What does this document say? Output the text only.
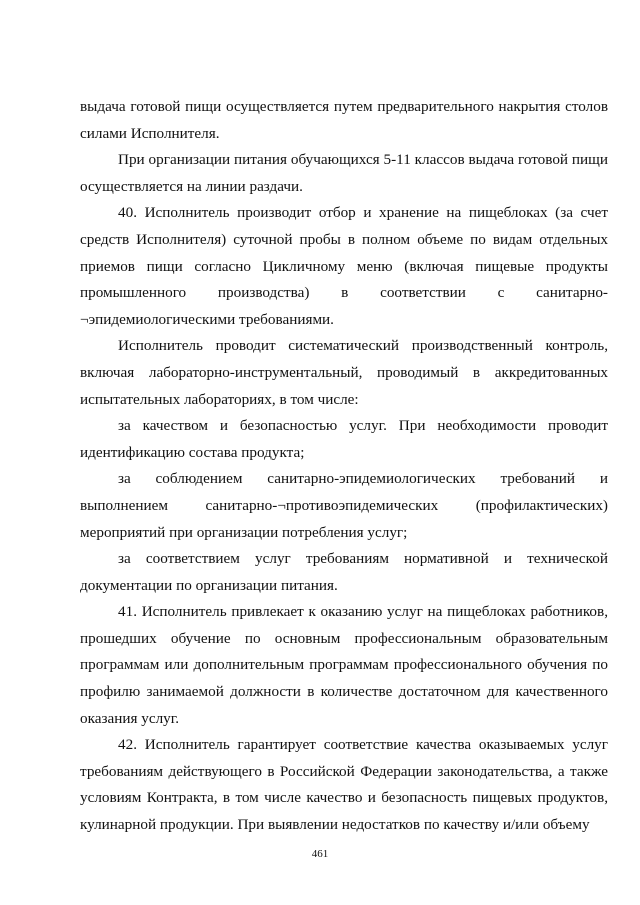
выдача готовой пищи осуществляется путем предварительного накрытия столов силами Исполнителя.

При организации питания обучающихся 5-11 классов выдача готовой пищи осуществляется на линии раздачи.

40. Исполнитель производит отбор и хранение на пищеблоках (за счет средств Исполнителя) суточной пробы в полном объеме по видам отдельных приемов пищи согласно Цикличному меню (включая пищевые продукты промышленного производства) в соответствии с санитарно-¬эпидемиологическими требованиями.

Исполнитель проводит систематический производственный контроль, включая лабораторно-инструментальный, проводимый в аккредитованных испытательных лабораториях, в том числе:

за качеством и безопасностью услуг. При необходимости проводит идентификацию состава продукта;

за соблюдением санитарно-эпидемиологических требований и выполнением санитарно-¬противоэпидемических (профилактических) мероприятий при организации потребления услуг;

за соответствием услуг требованиям нормативной и технической документации по организации питания.

41. Исполнитель привлекает к оказанию услуг на пищеблоках работников, прошедших обучение по основным профессиональным образовательным программам или дополнительным программам профессионального обучения по профилю занимаемой должности в количестве достаточном для качественного оказания услуг.

42. Исполнитель гарантирует соответствие качества оказываемых услуг требованиям действующего в Российской Федерации законодательства, а также условиям Контракта, в том числе качество и безопасность пищевых продуктов, кулинарной продукции. При выявлении недостатков по качеству и/или объему

461
